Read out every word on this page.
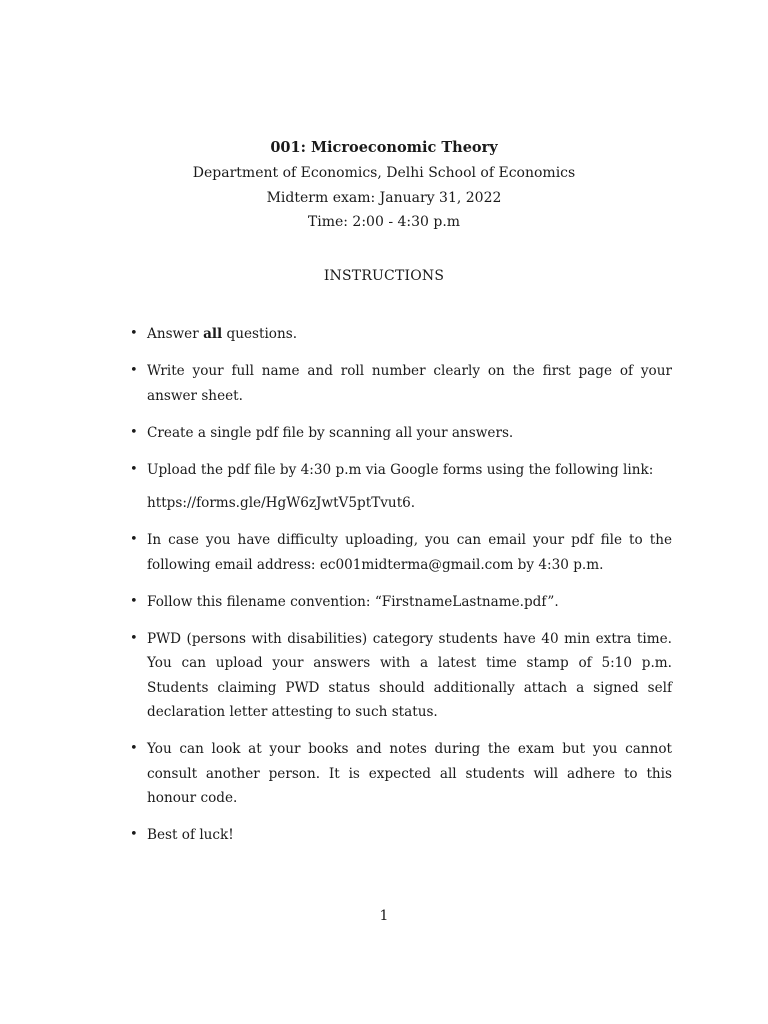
001: Microeconomic Theory

Department of Economics, Delhi School of Economics

Midterm exam: January 31, 2022

Time: 2:00 - 4:30 p.m

INSTRUCTIONS
• Answer all questions.
• Write your full name and roll number clearly on the first page of your answer sheet.
• Create a single pdf file by scanning all your answers.
• Upload the pdf file by 4:30 p.m via Google forms using the following link:
https://forms.gle/HgW6zJwtV5ptTvut6.
• In case you have difficulty uploading, you can email your pdf file to the following email address: ec001midterma@gmail.com by 4:30 p.m.
• Follow this filename convention: “FirstnameLastname.pdf”.
• PWD (persons with disabilities) category students have 40 min extra time. You can upload your answers with a latest time stamp of 5:10 p.m. Students claiming PWD status should additionally attach a signed self declaration letter attesting to such status.
• You can look at your books and notes during the exam but you cannot consult another person. It is expected all students will adhere to this honour code.
• Best of luck!
1
